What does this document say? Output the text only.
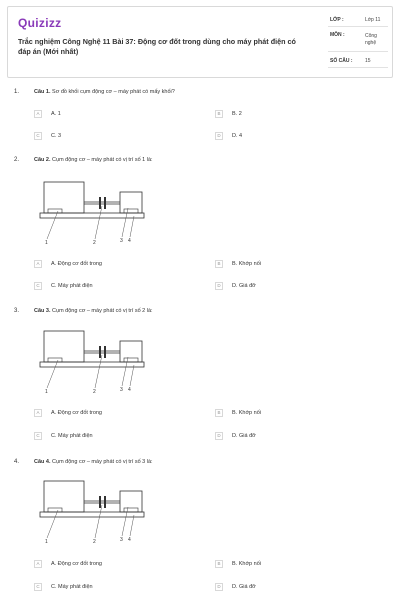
Quizizz
Trắc nghiệm Công Nghệ 11 Bài 37: Động cơ đốt trong dùng cho máy phát điện có đáp án (Mới nhất)
LỚP :	Lớp 11
MÔN :	Công nghệ
SỐ CÂU :	15
1.	Câu 1. Sơ đồ khối cụm động cơ – máy phát có mấy khối?
A	A. 1	B	B. 2
C	C. 3	D	D. 4
2.	Câu 2. Cụm động cơ – máy phát có vị trí số 1 là:
1	2	3 4
A	A. Động cơ đốt trong	B	B. Khớp nối
C	C. Máy phát điện	D	D. Giá đỡ
3.	Câu 3. Cụm động cơ – máy phát có vị trí số 2 là:
1	2	3 4
A	A. Động cơ đốt trong	B	B. Khớp nối
C	C. Máy phát điện	D	D. Giá đỡ
4.	Câu 4. Cụm động cơ – máy phát có vị trí số 3 là:
1	2	3 4
A	A. Động cơ đốt trong	B	B. Khớp nối
C	C. Máy phát điện	D	D. Giá đỡ
